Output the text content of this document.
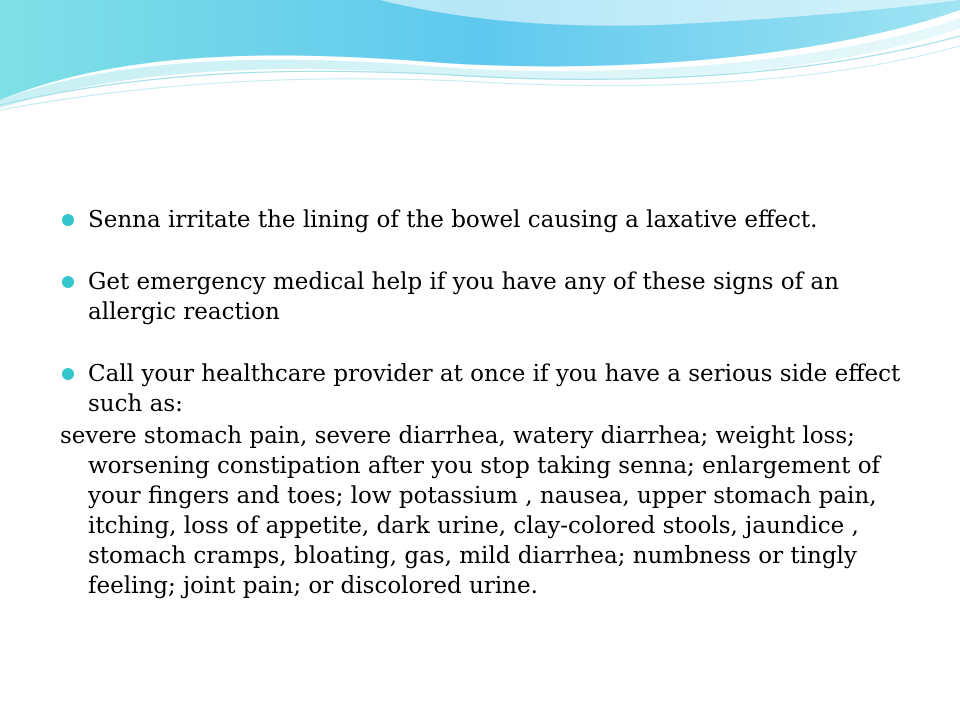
Senna irritate the lining of the bowel causing a laxative effect.
Get emergency medical help if you have any of these signs of an allergic reaction
Call your healthcare provider at once if you have a serious side effect such as:
severe stomach pain, severe diarrhea, watery diarrhea; weight loss; worsening constipation after you stop taking senna; enlargement of your fingers and toes; low potassium , nausea, upper stomach pain, itching, loss of appetite, dark urine, clay-colored stools, jaundice , stomach cramps, bloating, gas, mild diarrhea; numbness or tingly feeling; joint pain; or discolored urine.
